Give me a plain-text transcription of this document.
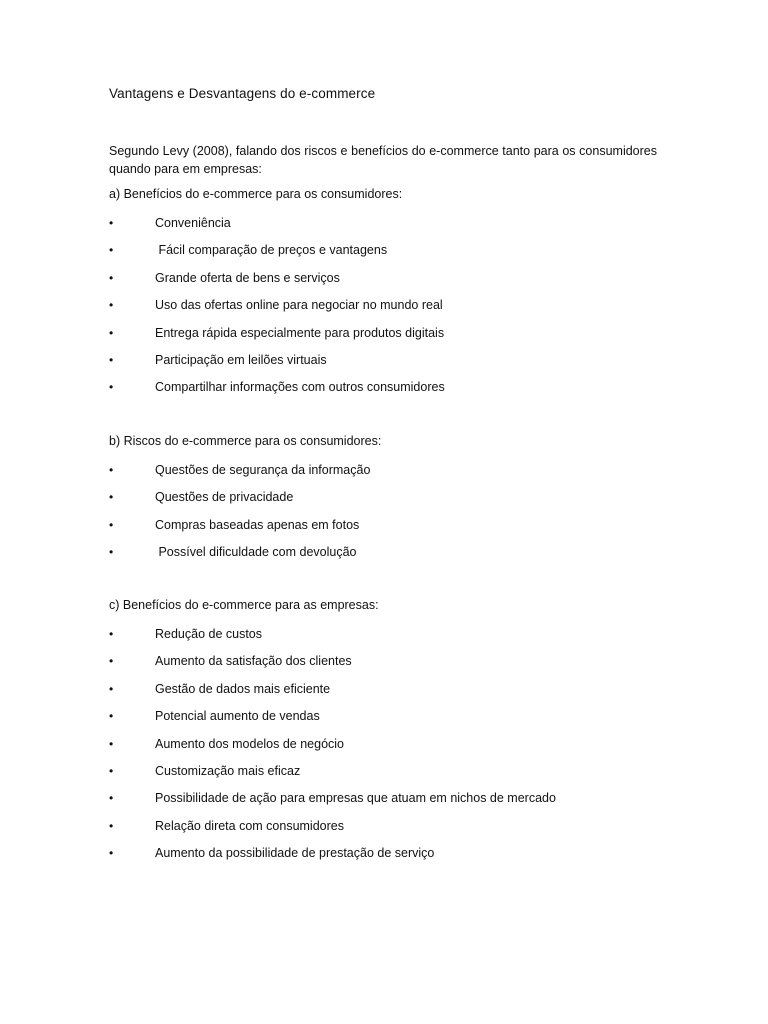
Vantagens e Desvantagens do e-commerce

Segundo Levy (2008), falando dos riscos e benefícios do e-commerce tanto para os consumidores quando para em empresas:

a) Benefícios do e-commerce para os consumidores:
•	Conveniência
•	Fácil comparação de preços e vantagens
•	Grande oferta de bens e serviços
•	Uso das ofertas online para negociar no mundo real
•	Entrega rápida especialmente para produtos digitais
•	Participação em leilões virtuais
•	Compartilhar informações com outros consumidores
b) Riscos do e-commerce para os consumidores:
•	Questões de segurança da informação
•	Questões de privacidade
•	Compras baseadas apenas em fotos
•	Possível dificuldade com devolução
c) Benefícios do e-commerce para as empresas:
•	Redução de custos
•	Aumento da satisfação dos clientes
•	Gestão de dados mais eficiente
•	Potencial aumento de vendas
•	Aumento dos modelos de negócio
•	Customização mais eficaz
•	Possibilidade de ação para empresas que atuam em nichos de mercado
•	Relação direta com consumidores
•	Aumento da possibilidade de prestação de serviço
